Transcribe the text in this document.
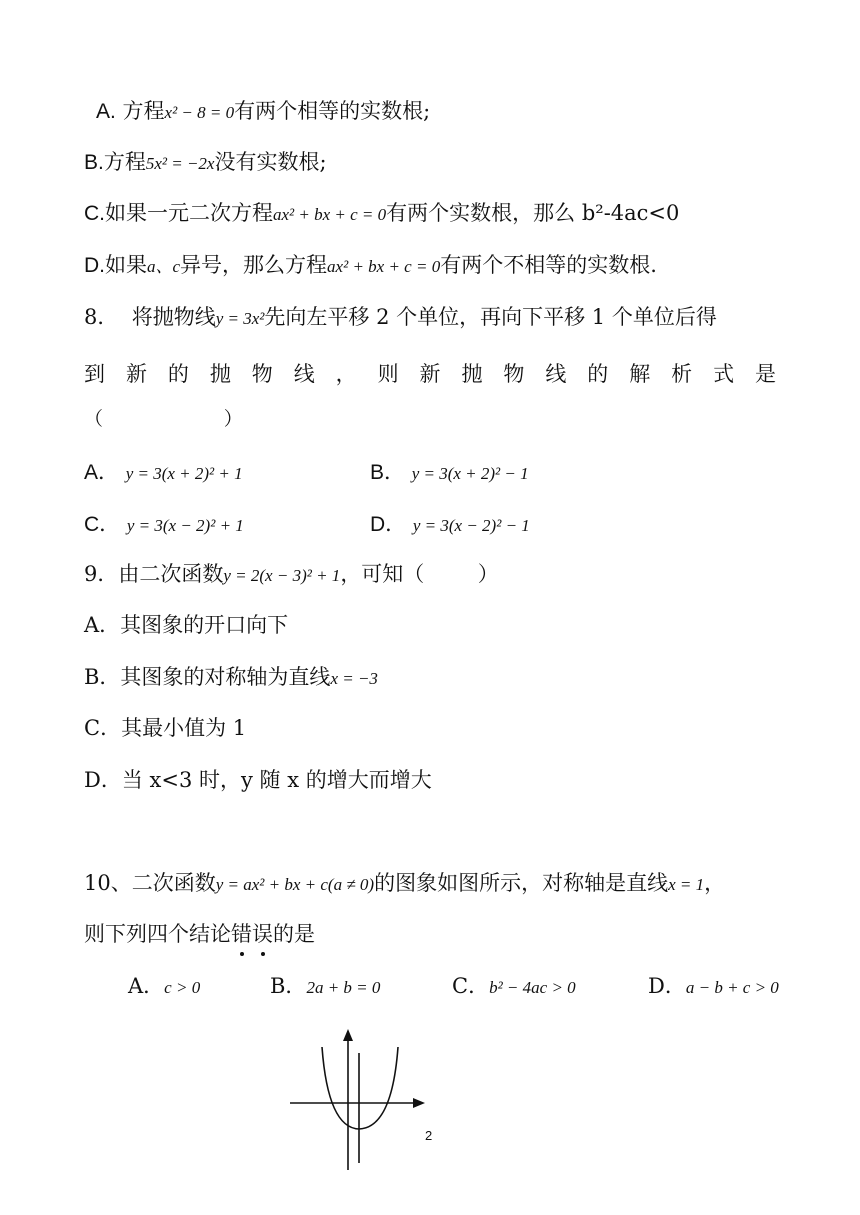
A. 方程x² − 8 = 0有两个相等的实数根;
B.方程5x² = −2x没有实数根;
C.如果一元二次方程ax² + bx + c = 0有两个实数根，那么 b²-4ac<0
D.如果a、c异号，那么方程ax² + bx + c = 0有两个不相等的实数根.
8． 将抛物线y = 3x²先向左平移 2 个单位，再向下平移 1 个单位后得
到 新 的 抛 物 线 ， 则 新 抛 物 线 的 解 析 式 是
（                    ）
A． y = 3(x + 2)² + 1	B． y = 3(x + 2)² − 1
C． y = 3(x − 2)² + 1	D． y = 3(x − 2)² − 1
9．由二次函数y = 2(x − 3)² + 1，可知（        ）
A．其图象的开口向下
B．其图象的对称轴为直线x = −3
C．其最小值为 1
D．当 x<3 时，y 随 x 的增大而增大
10、二次函数y = ax² + bx + c(a ≠ 0)的图象如图所示，对称轴是直线x = 1，
则下列四个结论错误的是
A．c > 0	B．2a + b = 0	C．b² − 4ac > 0	D．a − b + c > 0
2
